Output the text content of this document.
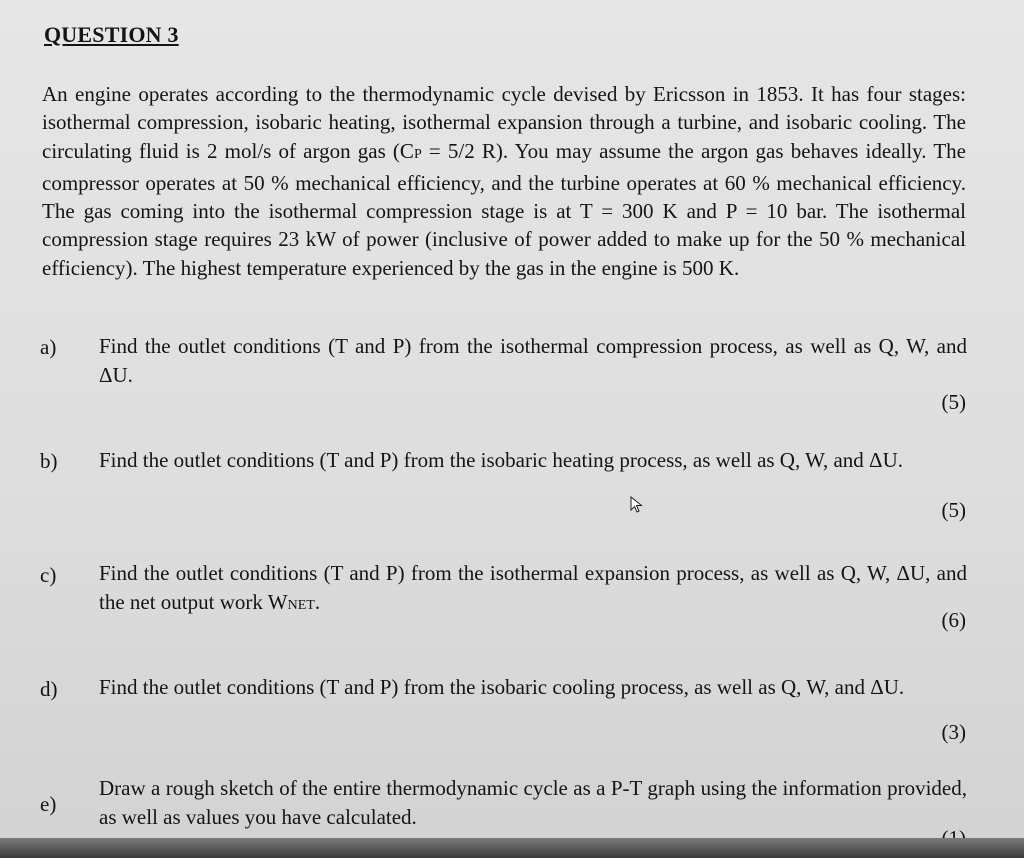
QUESTION 3
An engine operates according to the thermodynamic cycle devised by Ericsson in 1853. It has four stages: isothermal compression, isobaric heating, isothermal expansion through a turbine, and isobaric cooling. The circulating fluid is 2 mol/s of argon gas (CP = 5/2 R). You may assume the argon gas behaves ideally. The compressor operates at 50 % mechanical efficiency, and the turbine operates at 60 % mechanical efficiency. The gas coming into the isothermal compression stage is at T = 300 K and P = 10 bar. The isothermal compression stage requires 23 kW of power (inclusive of power added to make up for the 50 % mechanical efficiency). The highest temperature experienced by the gas in the engine is 500 K.
a) Find the outlet conditions (T and P) from the isothermal compression process, as well as Q, W, and ΔU.
(5)
b) Find the outlet conditions (T and P) from the isobaric heating process, as well as Q, W, and ΔU.
(5)
c) Find the outlet conditions (T and P) from the isothermal expansion process, as well as Q, W, ΔU, and the net output work WNET.
(6)
d) Find the outlet conditions (T and P) from the isobaric cooling process, as well as Q, W, and ΔU.
(3)
e)
Draw a rough sketch of the entire thermodynamic cycle as a P-T graph using the information provided, as well as values you have calculated.
